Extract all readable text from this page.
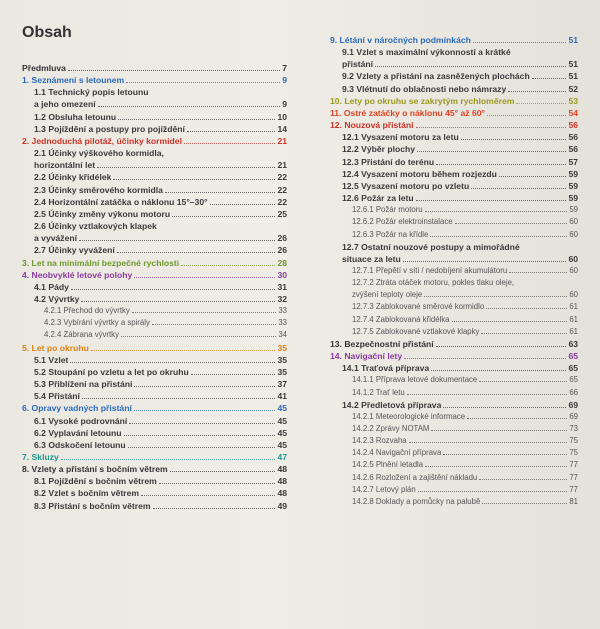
Obsah
Předmluva	7
1. Seznámení s letounem	9
1.1 Technický popis letounu
a jeho omezení	9
1.2 Obsluha letounu	10
1.3 Pojíždění a postupy pro pojíždění	14
2. Jednoduchá pilotáž, účinky kormidel	21
2.1 Účinky výškového kormidla,
horizontální let	21
2.2 Účinky křidélek	22
2.3 Účinky směrového kormidla	22
2.4 Horizontální zatáčka o náklonu 15°–30°	22
2.5 Účinky změny výkonu motoru	25
2.6 Účinky vztlakových klapek
a vyvážení	26
2.7 Účinky vyvážení	26
3. Let na minimální bezpečné rychlosti	28
4. Neobvyklé letové polohy	30
4.1 Pády	31
4.2 Vývrtky	32
4.2.1 Přechod do vývrtky	33
4.2.3 Vybírání vývrtky a spirály	33
4.2.4 Zábrana vývrtky	34
5. Let po okruhu	35
5.1 Vzlet	35
5.2 Stoupání po vzletu a let po okruhu	35
5.3 Přiblížení na přistání	37
5.4 Přistání	41
6. Opravy vadných přistání	45
6.1 Vysoké podrovnání	45
6.2 Vyplavání letounu	45
6.3 Odskočení letounu	45
7. Skluzy	47
8. Vzlety a přistání s bočním větrem	48
8.1 Pojíždění s bočním větrem	48
8.2 Vzlet s bočním větrem	48
8.3 Přistání s bočním větrem	49
9. Létání v náročných podmínkách	51
9.1 Vzlet s maximální výkonností a krátké
přistání	51
9.2 Vzlety a přistání na zasněžených plochách	51
9.3 Vlétnutí do oblačnosti nebo námrazy	52
10. Lety po okruhu se zakrytým rychloměrem	53
11. Ostré zatáčky o náklonu 45° až 60°	54
12. Nouzová přistání	56
12.1 Vysazení motoru za letu	56
12.2 Výběr plochy	56
12.3 Přistání do terénu	57
12.4 Vysazení motoru během rozjezdu	59
12.5 Vysazení motoru po vzletu	59
12.6 Požár za letu	59
12.6.1 Požár motoru	59
12.6.2 Požár elektroinstalace	60
12.6.3 Požár na křídle	60
12.7 Ostatní nouzové postupy a mimořádné
situace za letu	60
12.7.1 Přepětí v síti / nedobíjení akumulátoru	60
12.7.2 Ztráta otáček motoru, pokles tlaku oleje,
zvýšení teploty oleje	60
12.7.3 Zablokované směrové kormidlo	61
12.7.4 Zablokovaná křidélka	61
12.7.5 Zablokované vztlakové klapky	61
13. Bezpečnostní přistání	63
14. Navigační lety	65
14.1 Traťová příprava	65
14.1.1 Příprava letové dokumentace	65
14.1.2 Trať letu	66
14.2 Předletová příprava	69
14.2.1 Meteorologické informace	69
14.2.2 Zprávy NOTAM	73
14.2.3 Rozvaha	75
14.2.4 Navigační příprava	75
14.2.5 Plnění letadla	77
14.2.6 Rozložení a zajištění nákladu	77
14.2.7 Letový plán	77
14.2.8 Doklady a pomůcky na palubě	81
